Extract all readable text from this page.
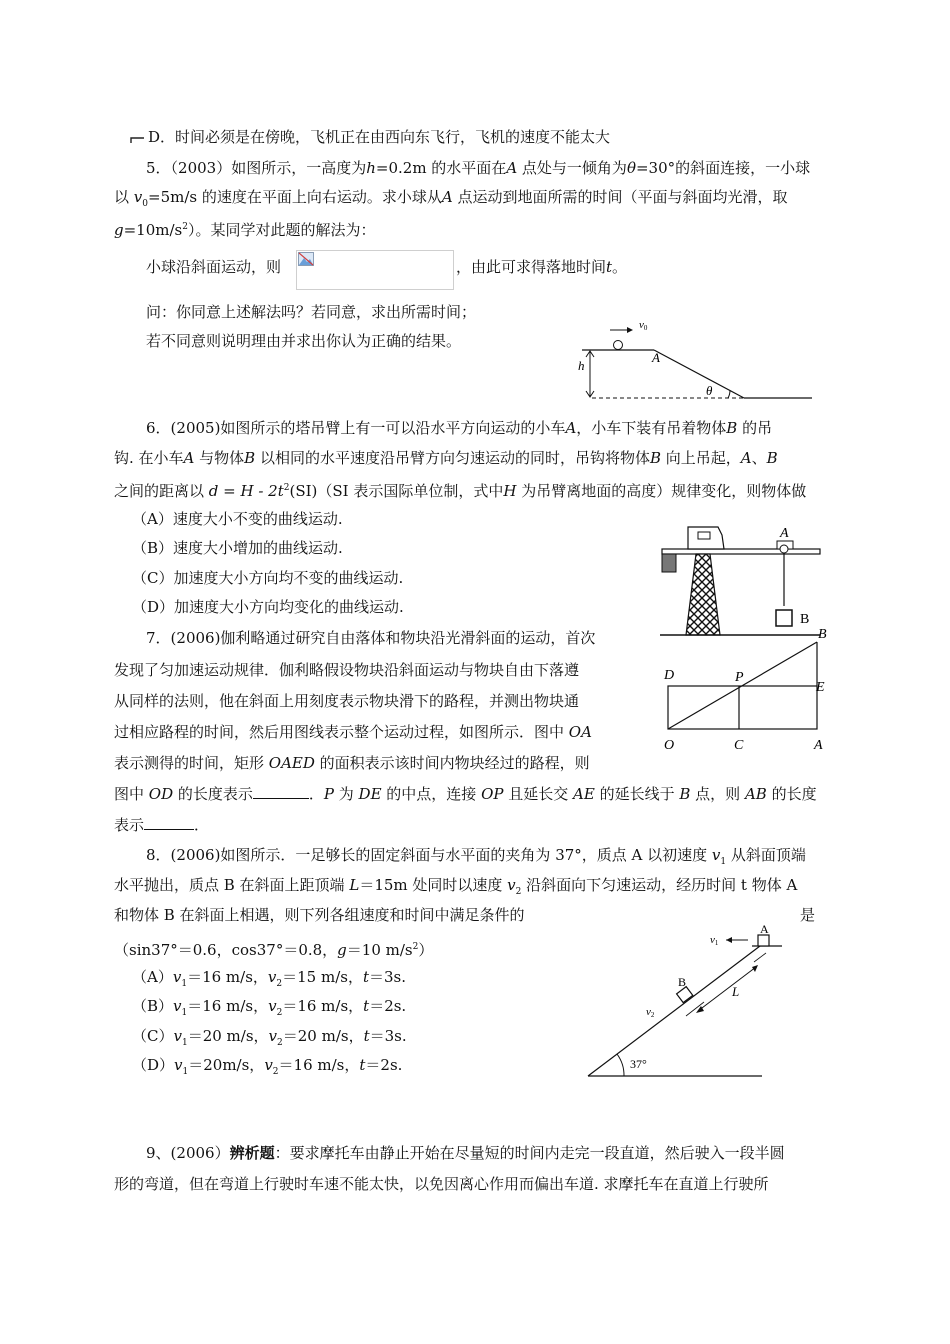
D．时间必须是在傍晚，飞机正在由西向东飞行，飞机的速度不能太大
5．（2003）如图所示，一高度为h=0.2m 的水平面在A 点处与一倾角为θ=30°的斜面连接，一小球
以 $v_0=5m/s$ 的速度在平面上向右运动。求小球从A 点运动到地面所需的时间（平面与斜面均光滑，取
$g=10m/s^2$）。某同学对此题的解法为：
小球沿斜面运动，则	，由此可求得落地时间t。
问：你同意上述解法吗？若同意，求出所需时间；
若不同意则说明理由并求出你认为正确的结果。
v0
A
h
θ
6．(2005)如图所示的塔吊臂上有一可以沿水平方向运动的小车A，小车下装有吊着物体B 的吊
钩. 在小车A 与物体B 以相同的水平速度沿吊臂方向匀速运动的同时，吊钩将物体B 向上吊起，A、B
之间的距离以 $d = H - 2t^2(SI)(SI$ 表示国际单位制，式中H 为吊臂离地面的高度）规律变化，则物体做
（A）速度大小不变的曲线运动.
（B）速度大小增加的曲线运动.
（C）加速度大小方向均不变的曲线运动.
（D）加速度大小方向均变化的曲线运动.
A
B
7．(2006)伽利略通过研究自由落体和物块沿光滑斜面的运动，首次
发现了匀加速运动规律．伽利略假设物块沿斜面运动与物块自由下落遵
从同样的法则，他在斜面上用刻度表示物块滑下的路程，并测出物块通
过相应路程的时间，然后用图线表示整个运动过程，如图所示．图中 OA
表示测得的时间，矩形 OAED 的面积表示该时间内物块经过的路程，则
图中 OD 的长度表示	．P 为 DE 的中点，连接 OP 且延长交 AE 的延长线于 B 点，则 AB 的长度
表示	．
B
D	P
E
O	C	A
8．(2006)如图所示．一足够长的固定斜面与水平面的夹角为 37°，质点 A 以初速度 $v_1$ 从斜面顶端
水平抛出，质点 B 在斜面上距顶端 L＝15m 处同时以速度 $v_2$ 沿斜面向下匀速运动，经历时间 t 物体 A
和物体 B 在斜面上相遇，则下列各组速度和时间中满足条件的	是
（sin37°＝0.6，cos37°＝0.8，g＝10 $m/s^2$）
$(A)v_1=16$ m/s，$v_2=15$ m/s，t＝3s.
$(B)v_1=16$ m/s，$v_2=16$ m/s，t＝2s.
$(C)v_1=20$ m/s，$v_2=20$ m/s，t＝3s.
$(D)v_1=20m/s$，$v_2=16$ m/s，t＝2s.
A
B
v1
v2
L
37°
9、(2006）辨析题：要求摩托车由静止开始在尽量短的时间内走完一段直道，然后驶入一段半圆
形的弯道，但在弯道上行驶时车速不能太快，以免因离心作用而偏出车道. 求摩托车在直道上行驶所
